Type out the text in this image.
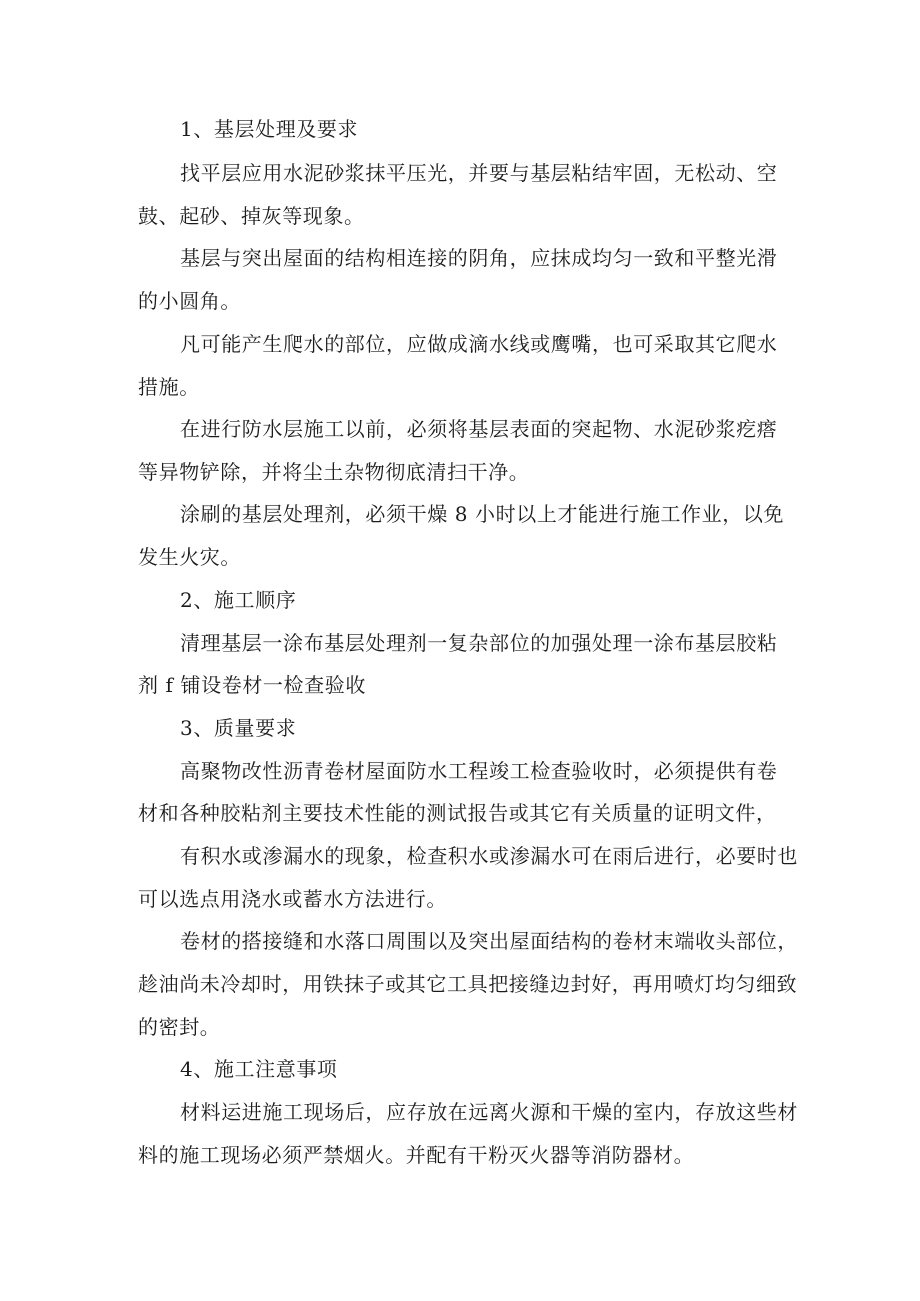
1、基层处理及要求

找平层应用水泥砂浆抹平压光，并要与基层粘结牢固，无松动、空

鼓、起砂、掉灰等现象。

基层与突出屋面的结构相连接的阴角，应抹成均匀一致和平整光滑

的小圆角。

凡可能产生爬水的部位，应做成滴水线或鹰嘴，也可采取其它爬水

措施。

在进行防水层施工以前，必须将基层表面的突起物、水泥砂浆疙瘩

等异物铲除，并将尘土杂物彻底清扫干净。

涂刷的基层处理剂，必须干燥 8 小时以上才能进行施工作业，以免

发生火灾。

2、施工顺序

清理基层一涂布基层处理剂一复杂部位的加强处理一涂布基层胶粘

剂 f 铺设卷材一检查验收

3、质量要求

高聚物改性沥青卷材屋面防水工程竣工检查验收时，必须提供有卷

材和各种胶粘剂主要技术性能的测试报告或其它有关质量的证明文件，

有积水或渗漏水的现象，检查积水或渗漏水可在雨后进行，必要时也

可以选点用浇水或蓄水方法进行。

卷材的搭接缝和水落口周围以及突出屋面结构的卷材末端收头部位，

趁油尚未冷却时，用铁抹子或其它工具把接缝边封好，再用喷灯均匀细致

的密封。

4、施工注意事项

材料运进施工现场后，应存放在远离火源和干燥的室内，存放这些材

料的施工现场必须严禁烟火。并配有干粉灭火器等消防器材。
